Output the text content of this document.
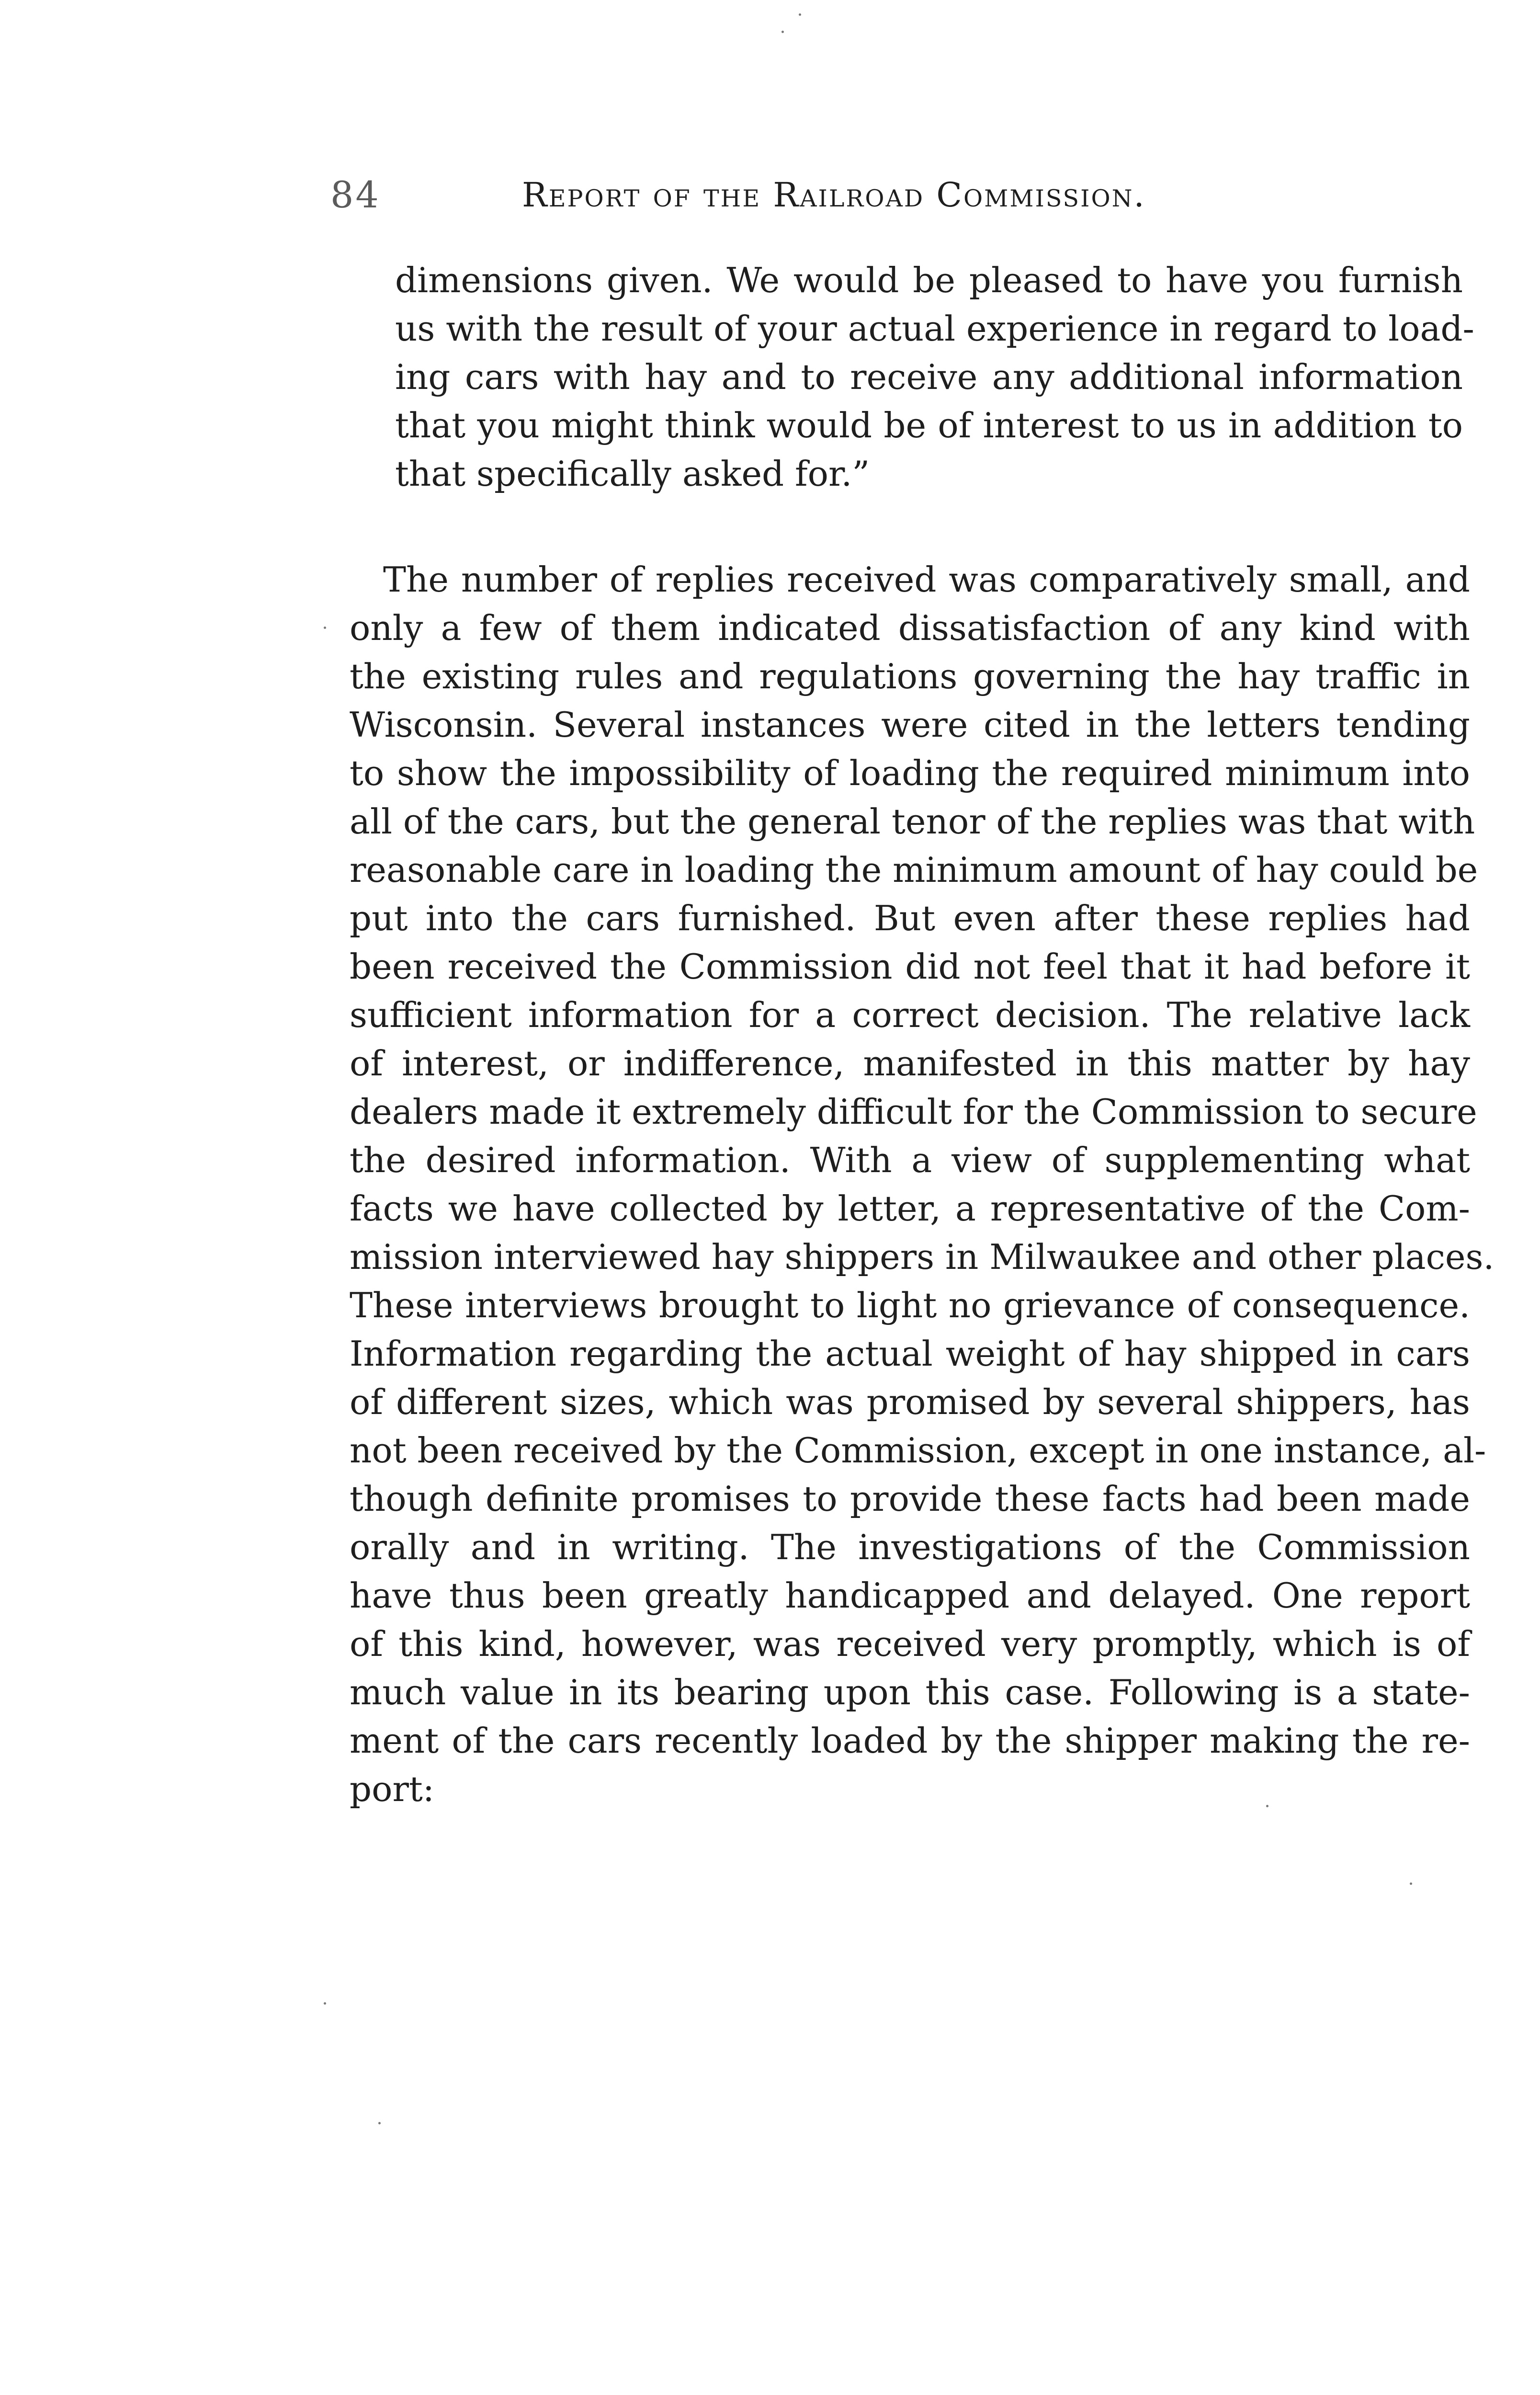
84	Report of the Railroad Commission.
dimensions given. We would be pleased to have you furnish
us with the result of your actual experience in regard to load-
ing cars with hay and to receive any additional information
that you might think would be of interest to us in addition to
that specifically asked for.”
The number of replies received was comparatively small, and
only a few of them indicated dissatisfaction of any kind with
the existing rules and regulations governing the hay traffic in
Wisconsin. Several instances were cited in the letters tending
to show the impossibility of loading the required minimum into
all of the cars, but the general tenor of the replies was that with
reasonable care in loading the minimum amount of hay could be
put into the cars furnished. But even after these replies had
been received the Commission did not feel that it had before it
sufficient information for a correct decision. The relative lack
of interest, or indifference, manifested in this matter by hay
dealers made it extremely difficult for the Commission to secure
the desired information. With a view of supplementing what
facts we have collected by letter, a representative of the Com-
mission interviewed hay shippers in Milwaukee and other places.
These interviews brought to light no grievance of consequence.
Information regarding the actual weight of hay shipped in cars
of different sizes, which was promised by several shippers, has
not been received by the Commission, except in one instance, al-
though definite promises to provide these facts had been made
orally and in writing. The investigations of the Commission
have thus been greatly handicapped and delayed. One report
of this kind, however, was received very promptly, which is of
much value in its bearing upon this case. Following is a state-
ment of the cars recently loaded by the shipper making the re-
port:
